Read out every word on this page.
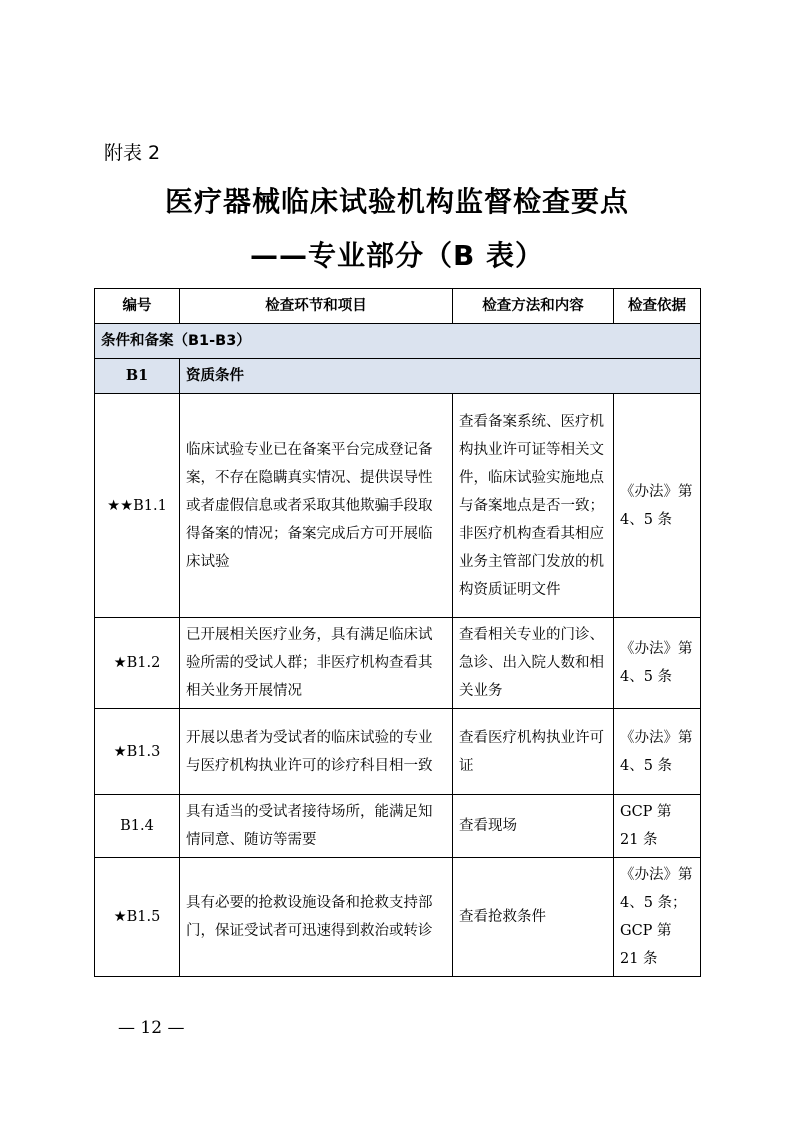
附表 2
医疗器械临床试验机构监督检查要点
——专业部分（B 表）
编号	检查环节和项目	检查方法和内容	检查依据
条件和备案（B1-B3）			
B1	资质条件		
★★B1.1	临床试验专业已在备案平台完成登记备案，不存在隐瞒真实情况、提供误导性或者虚假信息或者采取其他欺骗手段取得备案的情况；备案完成后方可开展临床试验	查看备案系统、医疗机构执业许可证等相关文件，临床试验实施地点与备案地点是否一致；非医疗机构查看其相应业务主管部门发放的机构资质证明文件	《办法》第 4、5 条
★B1.2	已开展相关医疗业务，具有满足临床试验所需的受试人群；非医疗机构查看其相关业务开展情况	查看相关专业的门诊、急诊、出入院人数和相关业务	《办法》第 4、5 条
★B1.3	开展以患者为受试者的临床试验的专业与医疗机构执业许可的诊疗科目相一致	查看医疗机构执业许可证	《办法》第 4、5 条
B1.4	具有适当的受试者接待场所，能满足知情同意、随访等需要	查看现场	GCP 第 21 条
★B1.5	具有必要的抢救设施设备和抢救支持部门，保证受试者可迅速得到救治或转诊	查看抢救条件	《办法》第 4、5 条；GCP 第 21 条
— 12 —
